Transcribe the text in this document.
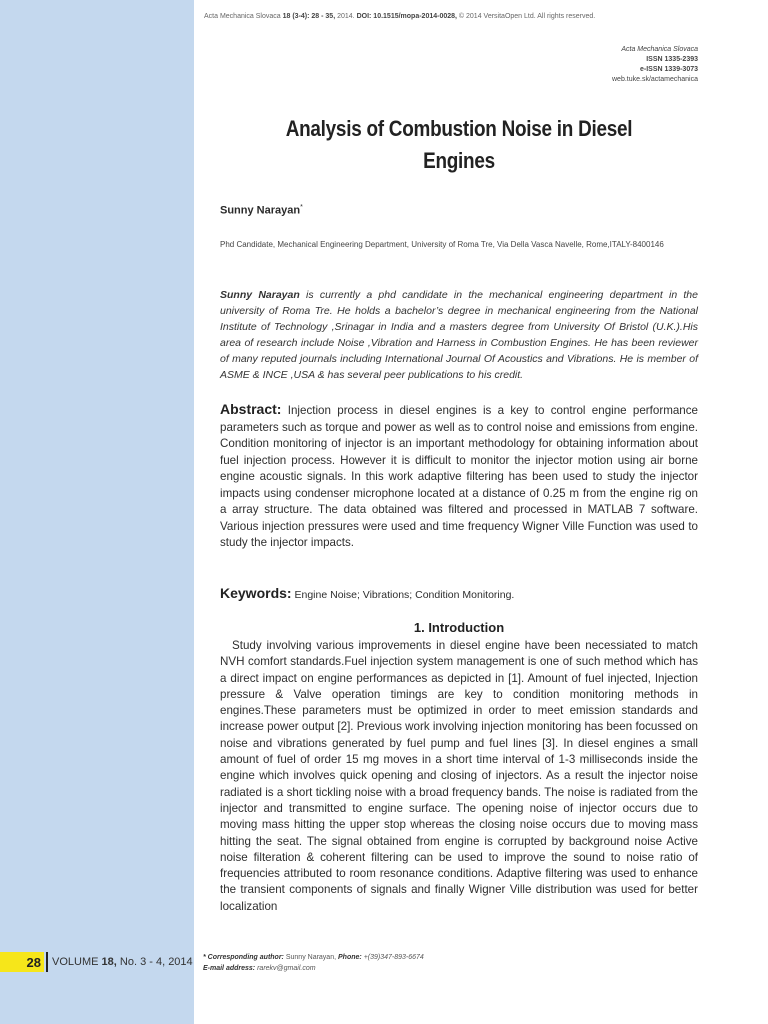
Acta Mechanica Slovaca 18 (3-4): 28 - 35, 2014. DOI: 10.1515/mopa-2014-0028, © 2014 VersitaOpen Ltd. All rights reserved.
Acta Mechanica Slovaca
ISSN 1335-2393
e-ISSN 1339-3073
web.tuke.sk/actamechanica
Analysis of Combustion Noise in Diesel Engines
Sunny Narayan*
Phd Candidate, Mechanical Engineering Department, University of Roma Tre, Via Della Vasca Navelle, Rome,ITALY-8400146
Sunny Narayan is currently a phd candidate in the mechanical engineering department in the university of Roma Tre. He holds a bachelor’s degree in mechanical engineering from the National Institute of Technology ,Srinagar in India and a masters degree from University Of Bristol (U.K.).His area of research include Noise ,Vibration and Harness in Combustion Engines. He has been reviewer of many reputed journals including International Journal Of Acoustics and Vibrations. He is member of ASME & INCE ,USA & has several peer publications to his credit.
Abstract: Injection process in diesel engines is a key to control engine performance parameters such as torque and power as well as to control noise and emissions from engine. Condition monitoring of injector is an important methodology for obtaining information about fuel injection process. However it is difficult to monitor the injector motion using air borne engine acoustic signals. In this work adaptive filtering has been used to study the injector impacts using condenser microphone located at a distance of 0.25 m from the engine rig on a array structure. The data obtained was filtered and processed in MATLAB 7 software. Various injection pressures were used and time frequency Wigner Ville Function was used to study the injector impacts.
Keywords: Engine Noise; Vibrations; Condition Monitoring.
1. Introduction
Study involving various improvements in diesel engine have been necessiated to match NVH comfort standards.Fuel injection system management is one of such method which has a direct impact on engine performances as depicted in [1]. Amount of fuel injected, Injection pressure & Valve operation timings are key to condition monitoring methods in engines.These parameters must be optimized in order to meet emission standards and increase power output [2]. Previous work involving injection monitoring has been focussed on noise and vibrations generated by fuel pump and fuel lines [3]. In diesel engines a small amount of fuel of order 15 mg moves in a short time interval of 1-3 milliseconds inside the engine which involves quick opening and closing of injectors. As a result the injector noise radiated is a short tickling noise with a broad frequency bands. The noise is radiated from the injector and transmitted to engine surface. The opening noise of injector occurs due to moving mass hitting the upper stop whereas the closing noise occurs due to moving mass hitting the seat. The signal obtained from engine is corrupted by background noise Active noise filteration & coherent filtering can be used to improve the sound to noise ratio of frequencies attributed to room resonance conditions. Adaptive filtering was used to enhance the transient components of signals and finally Wigner Ville distribution was used for better localization
28 VOLUME 18, No. 3 - 4, 2014 * Corresponding author: Sunny Narayan, Phone: +(39)347-893-6674
E-mail address: rarekv@gmail.com
